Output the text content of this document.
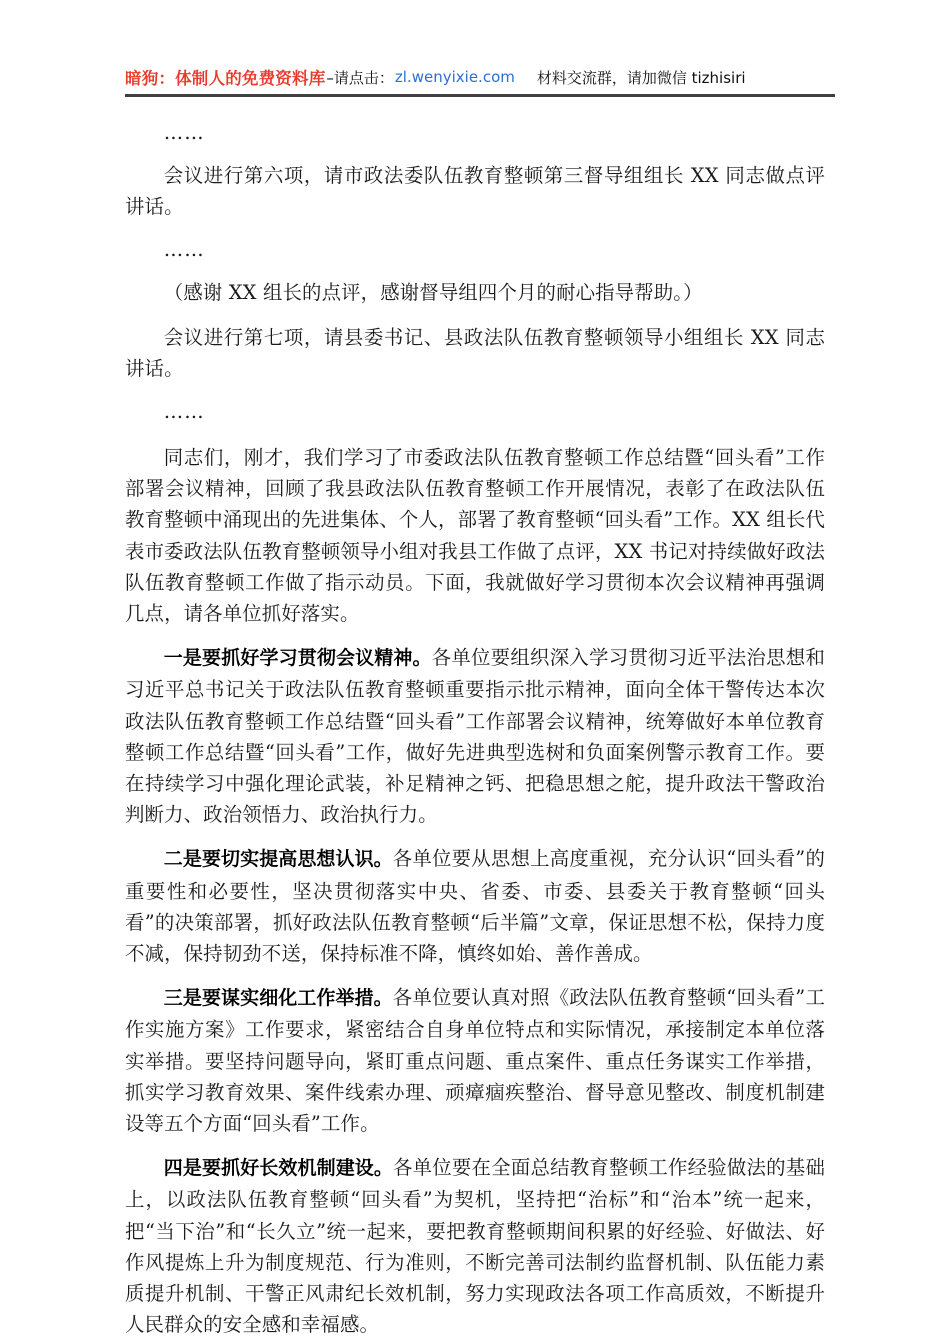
暗狗：体制人的免费资料库 –请点击： zl.wenyixie.com 材料交流群，请加微信 tizhisiri

……

会议进行第六项，请市政法委队伍教育整顿第三督导组组长 XX 同志做点评讲话。

……

（感谢 XX 组长的点评，感谢督导组四个月的耐心指导帮助。）

会议进行第七项，请县委书记、县政法队伍教育整顿领导小组组长 XX 同志讲话。

……

同志们，刚才，我们学习了市委政法队伍教育整顿工作总结暨“回头看”工作部署会议精神，回顾了我县政法队伍教育整顿工作开展情况，表彰了在政法队伍教育整顿中涌现出的先进集体、个人，部署了教育整顿“回头看”工作。XX 组长代表市委政法队伍教育整顿领导小组对我县工作做了点评，XX 书记对持续做好政法队伍教育整顿工作做了指示动员。下面，我就做好学习贯彻本次会议精神再强调几点，请各单位抓好落实。

一是要抓好学习贯彻会议精神。各单位要组织深入学习贯彻习近平法治思想和习近平总书记关于政法队伍教育整顿重要指示批示精神，面向全体干警传达本次政法队伍教育整顿工作总结暨“回头看”工作部署会议精神，统筹做好本单位教育整顿工作总结暨“回头看”工作，做好先进典型选树和负面案例警示教育工作。要在持续学习中强化理论武装，补足精神之钙、把稳思想之舵，提升政法干警政治判断力、政治领悟力、政治执行力。

二是要切实提高思想认识。各单位要从思想上高度重视，充分认识“回头看”的重要性和必要性，坚决贯彻落实中央、省委、市委、县委关于教育整顿“回头看”的决策部署，抓好政法队伍教育整顿“后半篇”文章，保证思想不松，保持力度不减，保持韧劲不送，保持标准不降，慎终如始、善作善成。

三是要谋实细化工作举措。各单位要认真对照《政法队伍教育整顿“回头看”工作实施方案》工作要求，紧密结合自身单位特点和实际情况，承接制定本单位落实举措。要坚持问题导向，紧盯重点问题、重点案件、重点任务谋实工作举措，抓实学习教育效果、案件线索办理、顽瘴痼疾整治、督导意见整改、制度机制建设等五个方面“回头看”工作。

四是要抓好长效机制建设。各单位要在全面总结教育整顿工作经验做法的基础上，以政法队伍教育整顿“回头看”为契机，坚持把“治标”和“治本”统一起来，把“当下治”和“长久立”统一起来，要把教育整顿期间积累的好经验、好做法、好作风提炼上升为制度规范、行为准则，不断完善司法制约监督机制、队伍能力素质提升机制、干警正风肃纪长效机制，努力实现政法各项工作高质效，不断提升人民群众的安全感和幸福感。
